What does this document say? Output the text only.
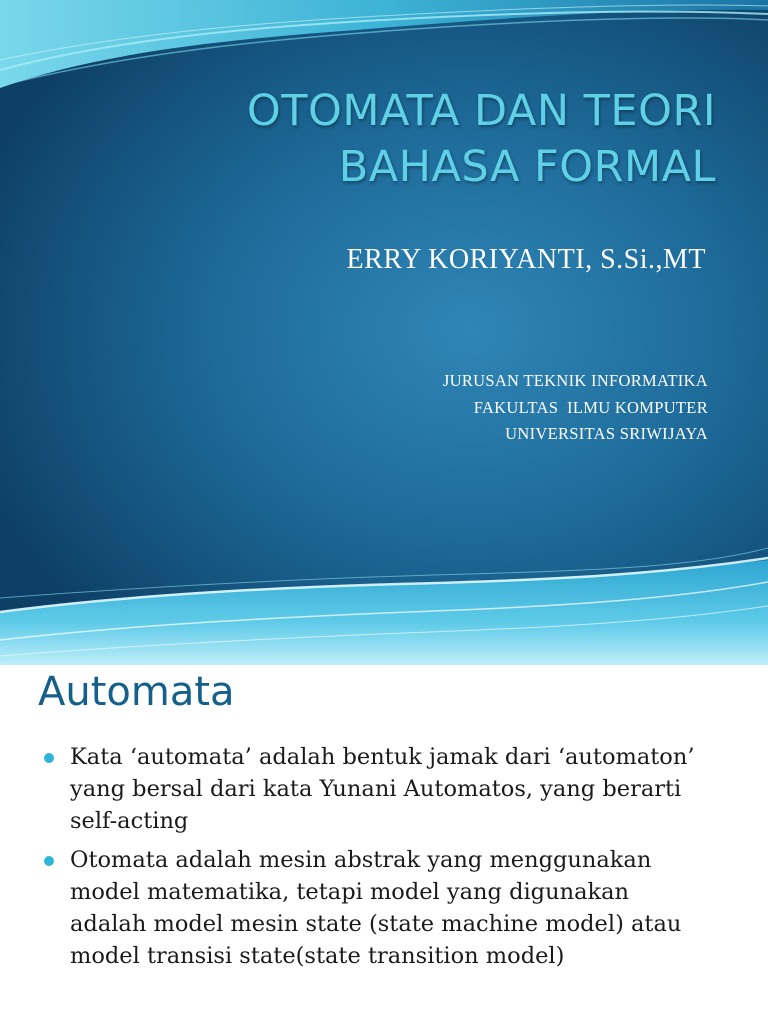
OTOMATA DAN TEORI
BAHASA FORMAL
ERRY KORIYANTI, S.Si.,MT
JURUSAN TEKNIK INFORMATIKA
FAKULTAS  ILMU KOMPUTER
UNIVERSITAS SRIWIJAYA
Automata
Kata ‘automata’ adalah bentuk jamak dari ‘automaton’
yang bersal dari kata Yunani Automatos, yang berarti
self-acting
Otomata adalah mesin abstrak yang menggunakan
model matematika, tetapi model yang digunakan
adalah model mesin state (state machine model) atau
model transisi state(state transition model)
